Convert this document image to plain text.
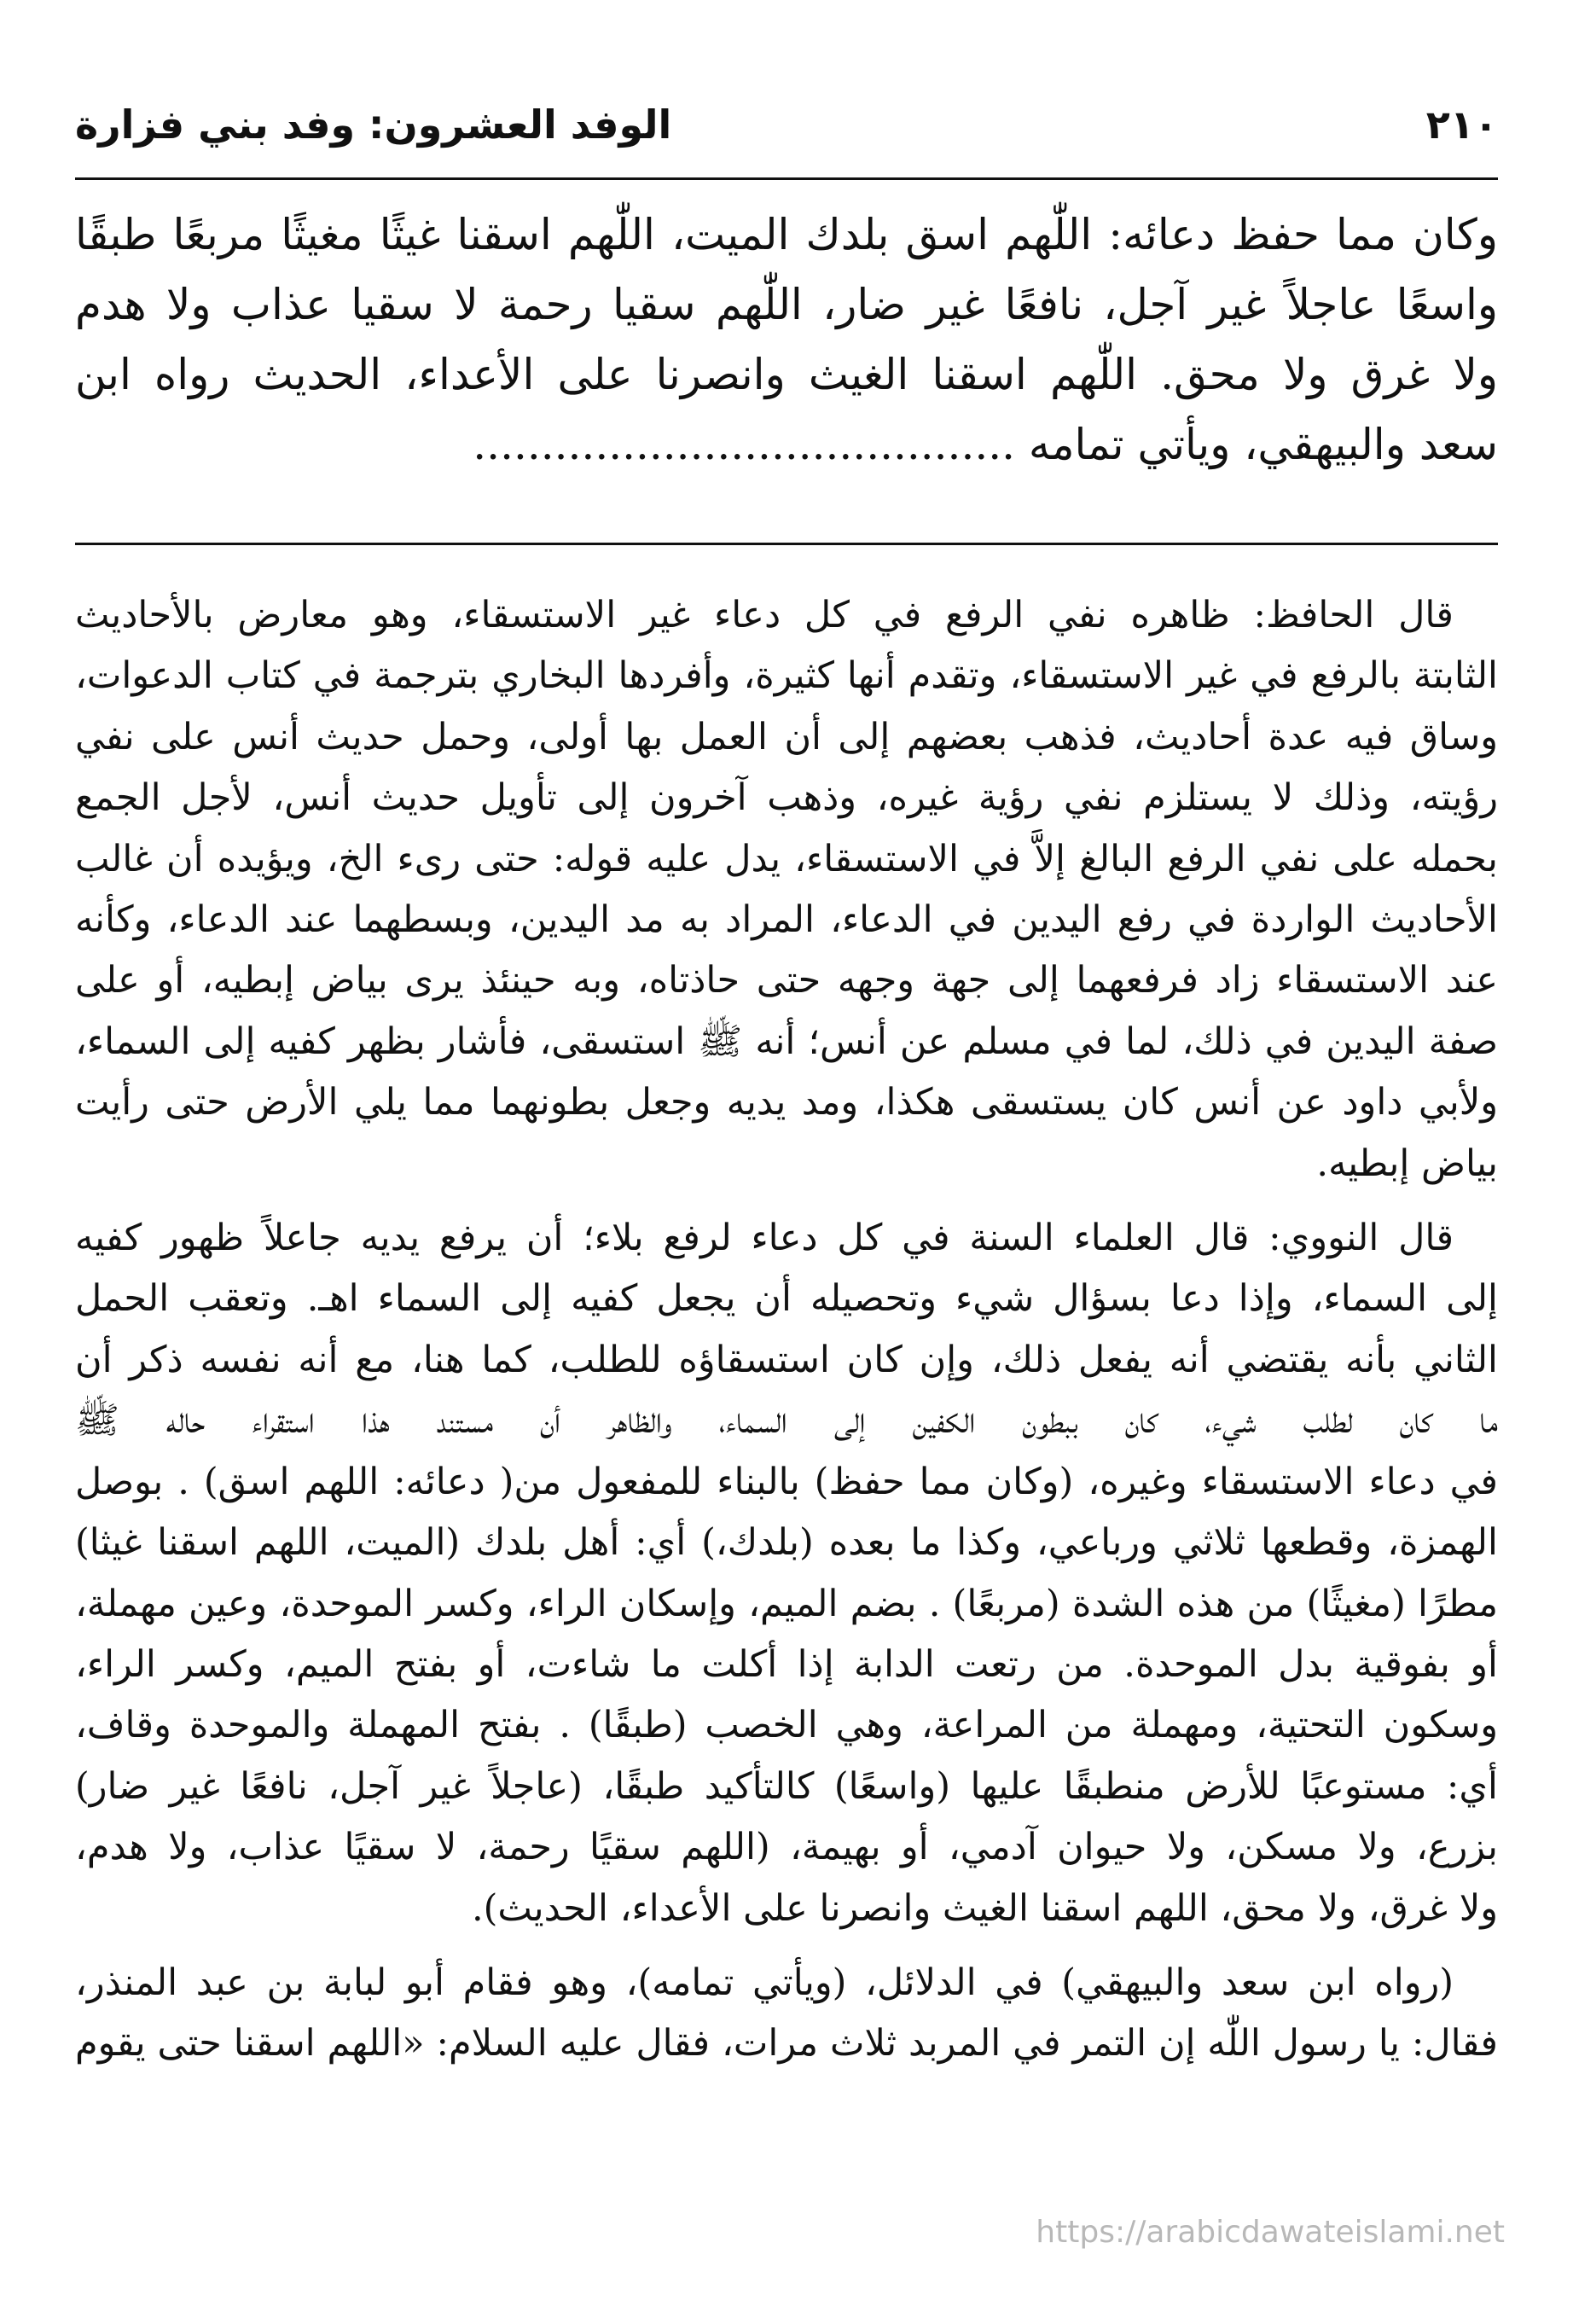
٢١٠
الوفد العشرون: وفد بني فزارة
وكان مما حفظ دعائه: اللّٰهم اسق بلدك الميت، اللّٰهم اسقنا غيثًا مغيثًا مربعًا طبقًا
واسعًا عاجلاً غير آجل، نافعًا غير ضار، اللّٰهم سقيا رحمة لا سقيا عذاب ولا هدم
ولا غرق ولا محق. اللّٰهم اسقنا الغيث وانصرنا على الأعداء، الحديث رواه ابن
سعد والبيهقي، ويأتي تمامه ........................................

قال الحافظ: ظاهره نفي الرفع في كل دعاء غير الاستسقاء، وهو معارض بالأحاديث
الثابتة بالرفع في غير الاستسقاء، وتقدم أنها كثيرة، وأفردها البخاري بترجمة في كتاب الدعوات،
وساق فيه عدة أحاديث، فذهب بعضهم إلى أن العمل بها أولى، وحمل حديث أنس على نفي
رؤيته، وذلك لا يستلزم نفي رؤية غيره، وذهب آخرون إلى تأويل حديث أنس، لأجل الجمع
بحمله على نفي الرفع البالغ إلاَّ في الاستسقاء، يدل عليه قوله: حتى رىء الخ، ويؤيده أن غالب
الأحاديث الواردة في رفع اليدين في الدعاء، المراد به مد اليدين، وبسطهما عند الدعاء، وكأنه
عند الاستسقاء زاد فرفعهما إلى جهة وجهه حتى حاذتاه، وبه حينئذ يرى بياض إبطيه، أو على
صفة اليدين في ذلك، لما في مسلم عن أنس؛ أنه ﷺ استسقى، فأشار بظهر كفيه إلى السماء،
ولأبي داود عن أنس كان يستسقى هكذا، ومد يديه وجعل بطونهما مما يلي الأرض حتى رأيت
بياض إبطيه.

قال النووي: قال العلماء السنة في كل دعاء لرفع بلاء؛ أن يرفع يديه جاعلاً ظهور كفيه
إلى السماء، وإذا دعا بسؤال شيء وتحصيله أن يجعل كفيه إلى السماء اهـ. وتعقب الحمل
الثاني بأنه يقتضي أنه يفعل ذلك، وإن كان استسقاؤه للطلب، كما هنا، مع أنه نفسه ذكر أن
ما كان لطلب شيء، كان ببطون الكفين إلى السماء، والظاهر أن مستند هذا استقراء حاله ﷺ
في دعاء الاستسقاء وغيره، (وكان مما حفظ) بالبناء للمفعول من( دعائه: اللهم اسق) . بوصل
الهمزة، وقطعها ثلاثي ورباعي، وكذا ما بعده (بلدك،) أي: أهل بلدك (الميت، اللهم اسقنا غيثا)
مطرًا (مغيثًا) من هذه الشدة (مربعًا) . بضم الميم، وإسكان الراء، وكسر الموحدة، وعين مهملة،
أو بفوقية بدل الموحدة. من رتعت الدابة إذا أكلت ما شاءت، أو بفتح الميم، وكسر الراء،
وسكون التحتية، ومهملة من المراعة، وهي الخصب (طبقًا) . بفتح المهملة والموحدة وقاف،
أي: مستوعبًا للأرض منطبقًا عليها (واسعًا) كالتأكيد طبقًا، (عاجلاً غير آجل، نافعًا غير ضار)
بزرع، ولا مسكن، ولا حيوان آدمي، أو بهيمة، (اللهم سقيًا رحمة، لا سقيًا عذاب، ولا هدم،
ولا غرق، ولا محق، اللهم اسقنا الغيث وانصرنا على الأعداء، الحديث).

(رواه ابن سعد والبيهقي) في الدلائل، (ويأتي تمامه)، وهو فقام أبو لبابة بن عبد المنذر،
فقال: يا رسول اللّٰه إن التمر في المربد ثلاث مرات، فقال عليه السلام: «اللهم اسقنا حتى يقوم

https://arabicdawateislami.net
